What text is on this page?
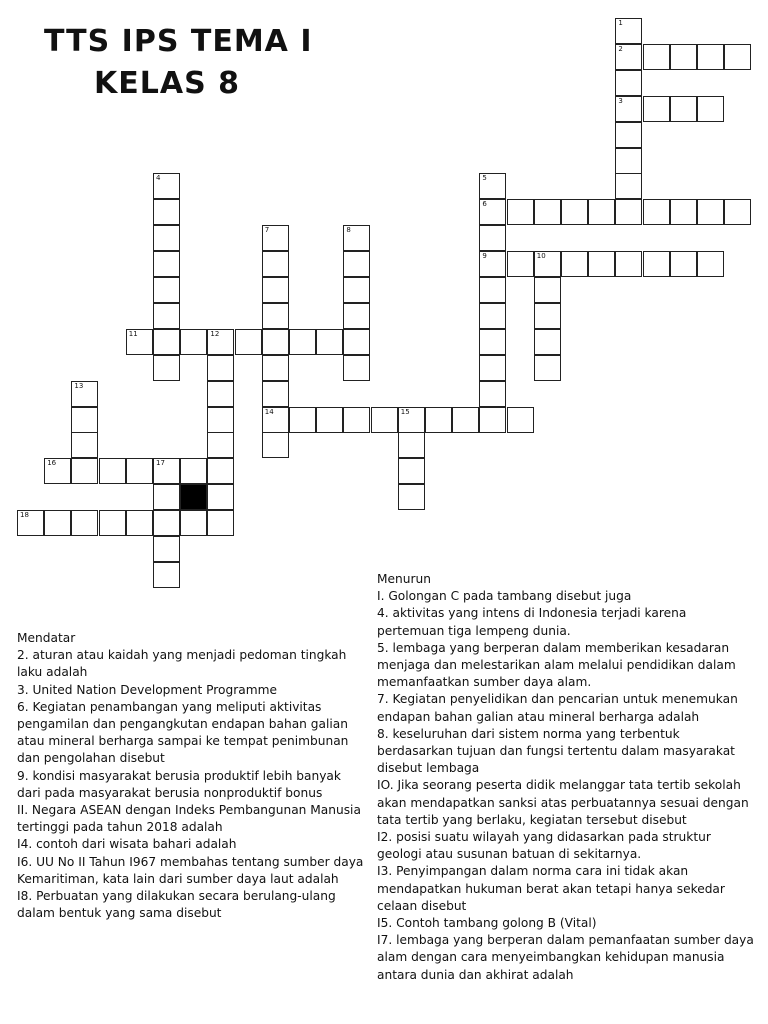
TTS IPS TEMA I
KELAS 8
2
3
6
9	10
11	12
14	15
16	17
18
1
4	5
7	8
13

Mendatar

2. aturan atau kaidah yang menjadi pedoman tingkah laku adalah

3. United Nation Development Programme

6. Kegiatan penambangan yang meliputi aktivitas pengamilan dan pengangkutan endapan bahan galian atau mineral berharga sampai ke tempat penimbunan dan pengolahan disebut

9. kondisi masyarakat berusia produktif lebih banyak dari pada masyarakat berusia nonproduktif bonus

II. Negara ASEAN dengan Indeks Pembangunan Manusia tertinggi pada tahun 2018 adalah

I4. contoh dari wisata bahari adalah

I6. UU No II Tahun I967 membahas tentang sumber daya Kemaritiman, kata lain dari sumber daya laut adalah

I8. Perbuatan yang dilakukan secara berulang-ulang dalam bentuk yang sama disebut

Menurun

I. Golongan C pada tambang disebut juga

4. aktivitas yang intens di Indonesia terjadi karena pertemuan tiga lempeng dunia.

5. lembaga yang berperan dalam memberikan kesadaran menjaga dan melestarikan alam melalui pendidikan dalam memanfaatkan sumber daya alam.

7. Kegiatan penyelidikan dan pencarian untuk menemukan endapan bahan galian atau mineral berharga adalah

8. keseluruhan dari sistem norma yang terbentuk berdasarkan tujuan dan fungsi tertentu dalam masyarakat disebut lembaga

IO. Jika seorang peserta didik melanggar tata tertib sekolah akan mendapatkan sanksi atas perbuatannya sesuai dengan tata tertib yang berlaku, kegiatan tersebut disebut

I2. posisi suatu wilayah yang didasarkan pada struktur geologi atau susunan batuan di sekitarnya.

I3. Penyimpangan dalam norma cara ini tidak akan mendapatkan hukuman berat akan tetapi hanya sekedar celaan disebut

I5. Contoh tambang golong B (Vital)

I7. lembaga yang berperan dalam pemanfaatan sumber daya alam dengan cara menyeimbangkan kehidupan manusia antara dunia dan akhirat adalah
